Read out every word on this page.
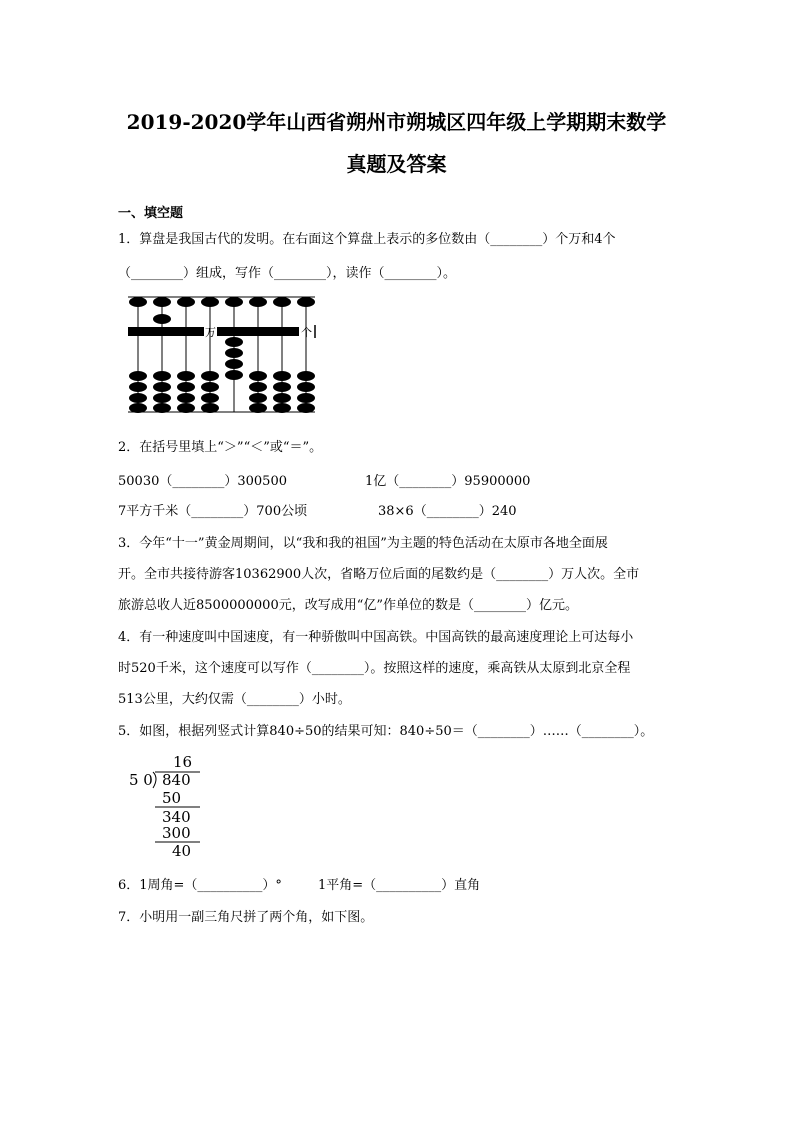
2019-2020学年山西省朔州市朔城区四年级上学期期末数学
真题及答案
一、填空题
1．算盘是我国古代的发明。在右面这个算盘上表示的多位数由（________）个万和4个
（________）组成，写作（________），读作（________）。
万	个
2．在括号里填上“＞”“＜”或“＝”。
50030（________）300500	1亿（________）95900000
7平方千米（________）700公顷	38×6（________）240
3．今年“十一”黄金周期间，以“我和我的祖国”为主题的特色活动在太原市各地全面展
开。全市共接待游客10362900人次，省略万位后面的尾数约是（________）万人次。全市
旅游总收人近8500000000元，改写成用“亿”作单位的数是（________）亿元。
4．有一种速度叫中国速度，有一种骄傲叫中国高铁。中国高铁的最高速度理论上可达每小
时520千米，这个速度可以写作（________）。按照这样的速度，乘高铁从太原到北京全程
513公里，大约仅需（________）小时。
5．如图，根据列竖式计算840÷50的结果可知：840÷50＝（________）……（________）。
16
5 0 840
50
340
300
40
6．1周角=（__________）°	1平角=（__________）直角
7．小明用一副三角尺拼了两个角，如下图。
